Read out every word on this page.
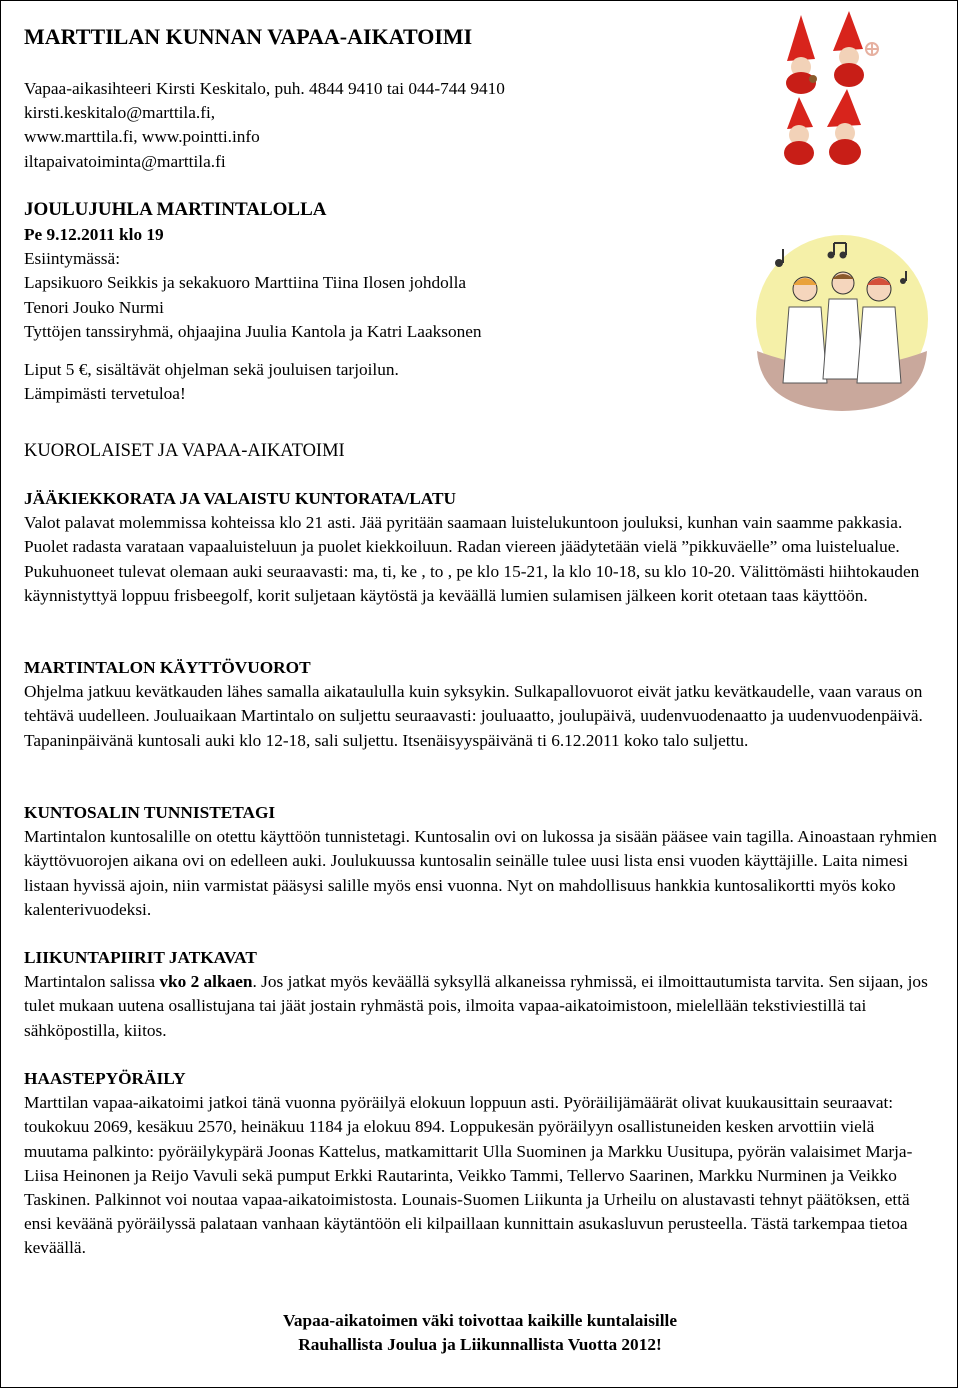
MARTTILAN KUNNAN VAPAA-AIKATOIMI
Vapaa-aikasihteeri Kirsti Keskitalo, puh. 4844 9410 tai 044-744 9410
kirsti.keskitalo@marttila.fi,
www.marttila.fi, www.pointti.info
iltapaivatoiminta@marttila.fi
JOULUJUHLA MARTINTALOLLA
Pe 9.12.2011 klo 19
Esiintymässä:
Lapsikuoro Seikkis ja sekakuoro Marttiina Tiina Ilosen johdolla
Tenori Jouko Nurmi
Tyttöjen tanssiryhmä, ohjaajina Juulia Kantola ja Katri Laaksonen
Liput 5 €, sisältävät ohjelman sekä jouluisen tarjoilun.
Lämpimästi tervetuloa!
KUOROLAISET JA VAPAA-AIKATOIMI
JÄÄKIEKKORATA JA VALAISTU KUNTORATA/LATU

Valot palavat molemmissa kohteissa klo 21 asti. Jää pyritään saamaan luistelukuntoon jouluksi, kunhan vain saamme pakkasia. Puolet radasta varataan vapaaluisteluun ja puolet kiekkoiluun. Radan viereen jäädytetään vielä ”pikkuväelle” oma luistelualue. Pukuhuoneet tulevat olemaan auki seuraavasti: ma, ti, ke , to , pe klo 15-21, la klo 10-18, su klo 10-20. Välittömästi hiihtokauden käynnistyttyä loppuu frisbeegolf, korit suljetaan käytöstä ja keväällä lumien sulamisen jälkeen korit otetaan taas käyttöön.

MARTINTALON KÄYTTÖVUOROT

Ohjelma jatkuu kevätkauden lähes samalla aikataululla kuin syksykin. Sulkapallovuorot eivät jatku kevätkaudelle, vaan varaus on tehtävä uudelleen. Jouluaikaan Martintalo on suljettu seuraavasti: jouluaatto, joulupäivä, uudenvuodenaatto ja uudenvuodenpäivä. Tapaninpäivänä kuntosali auki klo 12-18, sali suljettu. Itsenäisyyspäivänä ti 6.12.2011 koko talo suljettu.

KUNTOSALIN TUNNISTETAGI

Martintalon kuntosalille on otettu käyttöön tunnistetagi. Kuntosalin ovi on lukossa ja sisään pääsee vain tagilla. Ainoastaan ryhmien käyttövuorojen aikana ovi on edelleen auki. Joulukuussa kuntosalin seinälle tulee uusi lista ensi vuoden käyttäjille. Laita nimesi listaan hyvissä ajoin, niin varmistat pääsysi salille myös ensi vuonna. Nyt on mahdollisuus hankkia kuntosalikortti myös koko kalenterivuodeksi.

LIIKUNTAPIIRIT JATKAVAT

Martintalon salissa vko 2 alkaen. Jos jatkat myös keväällä syksyllä alkaneissa ryhmissä, ei ilmoittautumista tarvita. Sen sijaan, jos tulet mukaan uutena osallistujana tai jäät jostain ryhmästä pois, ilmoita vapaa-aikatoimistoon, mielellään tekstiviestillä tai sähköpostilla, kiitos.

HAASTEPYÖRÄILY

Marttilan vapaa-aikatoimi jatkoi tänä vuonna pyöräilyä elokuun loppuun asti. Pyöräilijämäärät olivat kuukausittain seuraavat: toukokuu 2069, kesäkuu 2570, heinäkuu 1184 ja elokuu 894. Loppukesän pyöräilyyn osallistuneiden kesken arvottiin vielä muutama palkinto: pyöräilykypärä Joonas Kattelus, matkamittarit Ulla Suominen ja Markku Uusitupa, pyörän valaisimet Marja-Liisa Heinonen ja Reijo Vavuli sekä pumput Erkki Rautarinta, Veikko Tammi, Tellervo Saarinen, Markku Nurminen ja Veikko Taskinen. Palkinnot voi noutaa vapaa-aikatoimistosta. Lounais-Suomen Liikunta ja Urheilu on alustavasti tehnyt päätöksen, että ensi keväänä pyöräilyssä palataan vanhaan käytäntöön eli kilpaillaan kunnittain asukasluvun perusteella. Tästä tarkempaa tietoa keväällä.

Vapaa-aikatoimen väki toivottaa kaikille kuntalaisille
Rauhallista Joulua ja Liikunnallista Vuotta 2012!
